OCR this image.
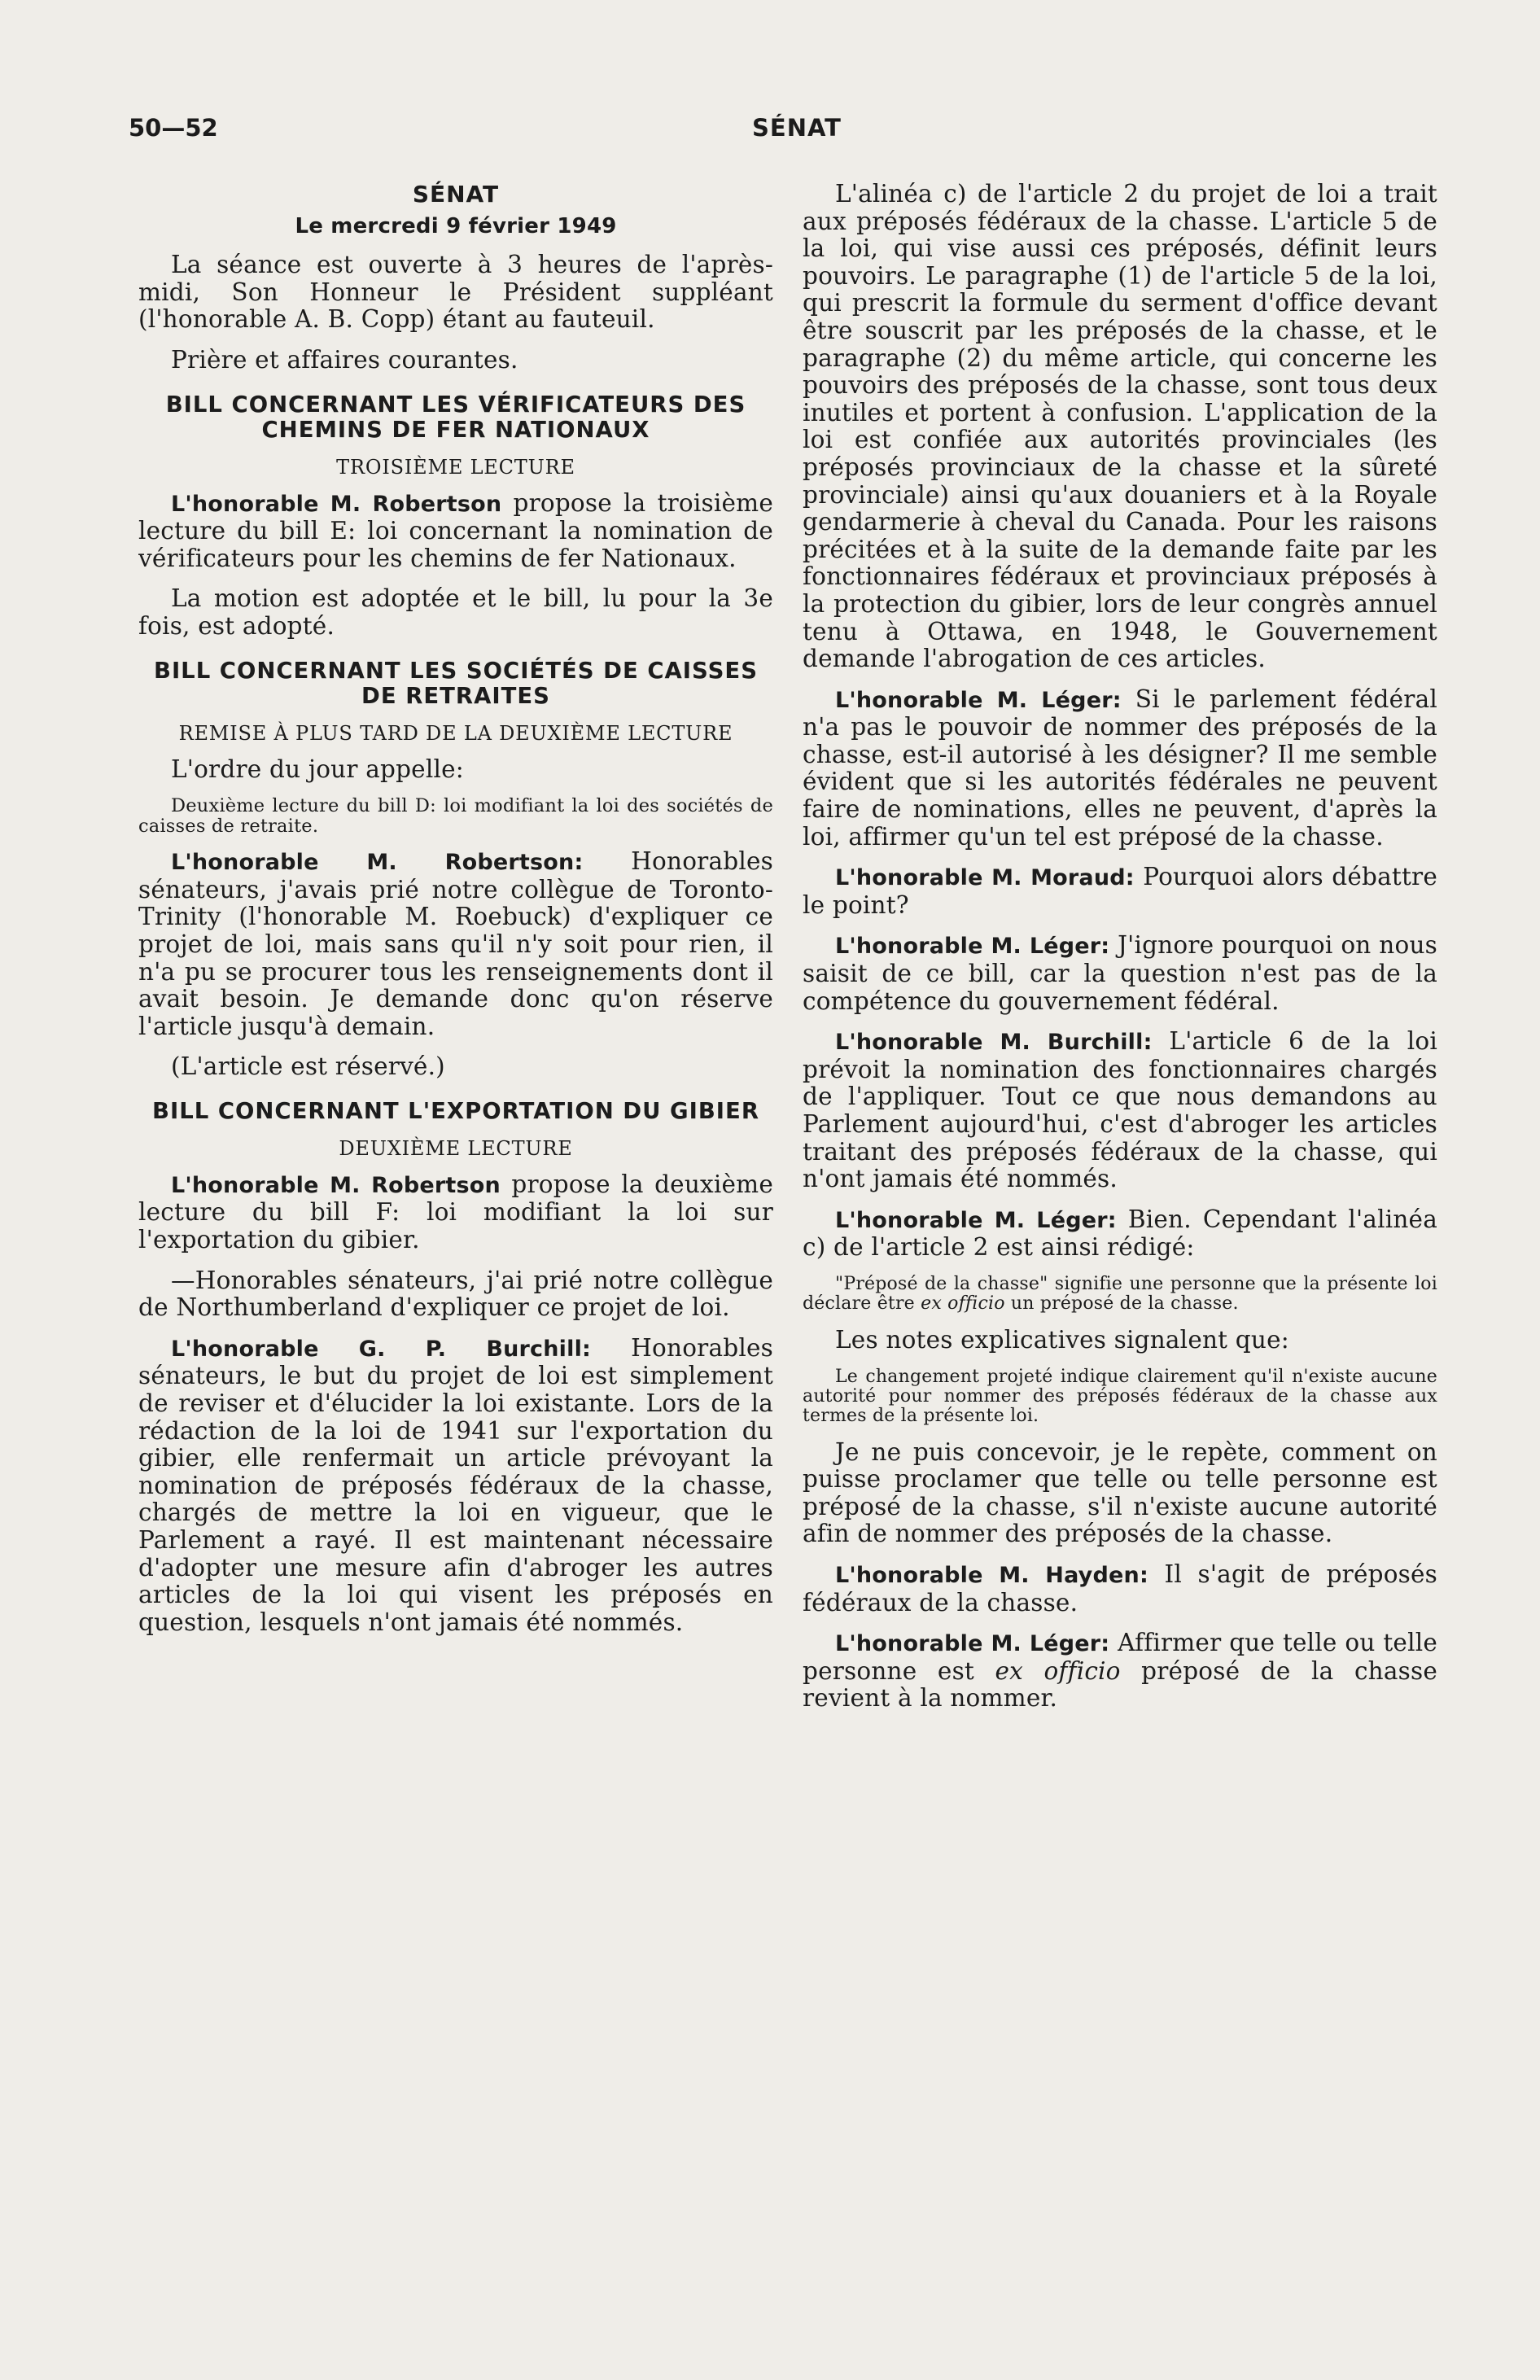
50—52	SÉNAT
SÉNAT
Le mercredi 9 février 1949

La séance est ouverte à 3 heures de l'après-midi, Son Honneur le Président suppléant (l'honorable A. B. Copp) étant au fauteuil.

Prière et affaires courantes.

BILL CONCERNANT LES VÉRIFICATEURS DES CHEMINS DE FER NATIONAUX
TROISIÈME LECTURE

L'honorable M. Robertson propose la troisième lecture du bill E: loi concernant la nomination de vérificateurs pour les chemins de fer Nationaux.

La motion est adoptée et le bill, lu pour la 3e fois, est adopté.

BILL CONCERNANT LES SOCIÉTÉS DE CAISSES DE RETRAITES
REMISE À PLUS TARD DE LA DEUXIÈME LECTURE

L'ordre du jour appelle:

Deuxième lecture du bill D: loi modifiant la loi des sociétés de caisses de retraite.

L'honorable M. Robertson: Honorables sénateurs, j'avais prié notre collègue de Toronto-Trinity (l'honorable M. Roebuck) d'expliquer ce projet de loi, mais sans qu'il n'y soit pour rien, il n'a pu se procurer tous les renseignements dont il avait besoin. Je demande donc qu'on réserve l'article jusqu'à demain.

(L'article est réservé.)

BILL CONCERNANT L'EXPORTATION DU GIBIER
DEUXIÈME LECTURE

L'honorable M. Robertson propose la deuxième lecture du bill F: loi modifiant la loi sur l'exportation du gibier.

—Honorables sénateurs, j'ai prié notre collègue de Northumberland d'expliquer ce projet de loi.

L'honorable G. P. Burchill: Honorables sénateurs, le but du projet de loi est simplement de reviser et d'élucider la loi existante. Lors de la rédaction de la loi de 1941 sur l'exportation du gibier, elle renfermait un article prévoyant la nomination de préposés fédéraux de la chasse, chargés de mettre la loi en vigueur, que le Parlement a rayé. Il est maintenant nécessaire d'adopter une mesure afin d'abroger les autres articles de la loi qui visent les préposés en question, lesquels n'ont jamais été nommés.

L'alinéa c) de l'article 2 du projet de loi a trait aux préposés fédéraux de la chasse. L'article 5 de la loi, qui vise aussi ces préposés, définit leurs pouvoirs. Le paragraphe (1) de l'article 5 de la loi, qui prescrit la formule du serment d'office devant être souscrit par les préposés de la chasse, et le paragraphe (2) du même article, qui concerne les pouvoirs des préposés de la chasse, sont tous deux inutiles et portent à confusion. L'application de la loi est confiée aux autorités provinciales (les préposés provinciaux de la chasse et la sûreté provinciale) ainsi qu'aux douaniers et à la Royale gendarmerie à cheval du Canada. Pour les raisons précitées et à la suite de la demande faite par les fonctionnaires fédéraux et provinciaux préposés à la protection du gibier, lors de leur congrès annuel tenu à Ottawa, en 1948, le Gouvernement demande l'abrogation de ces articles.

L'honorable M. Léger: Si le parlement fédéral n'a pas le pouvoir de nommer des préposés de la chasse, est-il autorisé à les désigner? Il me semble évident que si les autorités fédérales ne peuvent faire de nominations, elles ne peuvent, d'après la loi, affirmer qu'un tel est préposé de la chasse.

L'honorable M. Moraud: Pourquoi alors débattre le point?

L'honorable M. Léger: J'ignore pourquoi on nous saisit de ce bill, car la question n'est pas de la compétence du gouvernement fédéral.

L'honorable M. Burchill: L'article 6 de la loi prévoit la nomination des fonctionnaires chargés de l'appliquer. Tout ce que nous demandons au Parlement aujourd'hui, c'est d'abroger les articles traitant des préposés fédéraux de la chasse, qui n'ont jamais été nommés.

L'honorable M. Léger: Bien. Cependant l'alinéa c) de l'article 2 est ainsi rédigé:

"Préposé de la chasse" signifie une personne que la présente loi déclare être ex officio un préposé de la chasse.

Les notes explicatives signalent que:

Le changement projeté indique clairement qu'il n'existe aucune autorité pour nommer des préposés fédéraux de la chasse aux termes de la présente loi.

Je ne puis concevoir, je le repète, comment on puisse proclamer que telle ou telle personne est préposé de la chasse, s'il n'existe aucune autorité afin de nommer des préposés de la chasse.

L'honorable M. Hayden: Il s'agit de préposés fédéraux de la chasse.

L'honorable M. Léger: Affirmer que telle ou telle personne est ex officio préposé de la chasse revient à la nommer.
